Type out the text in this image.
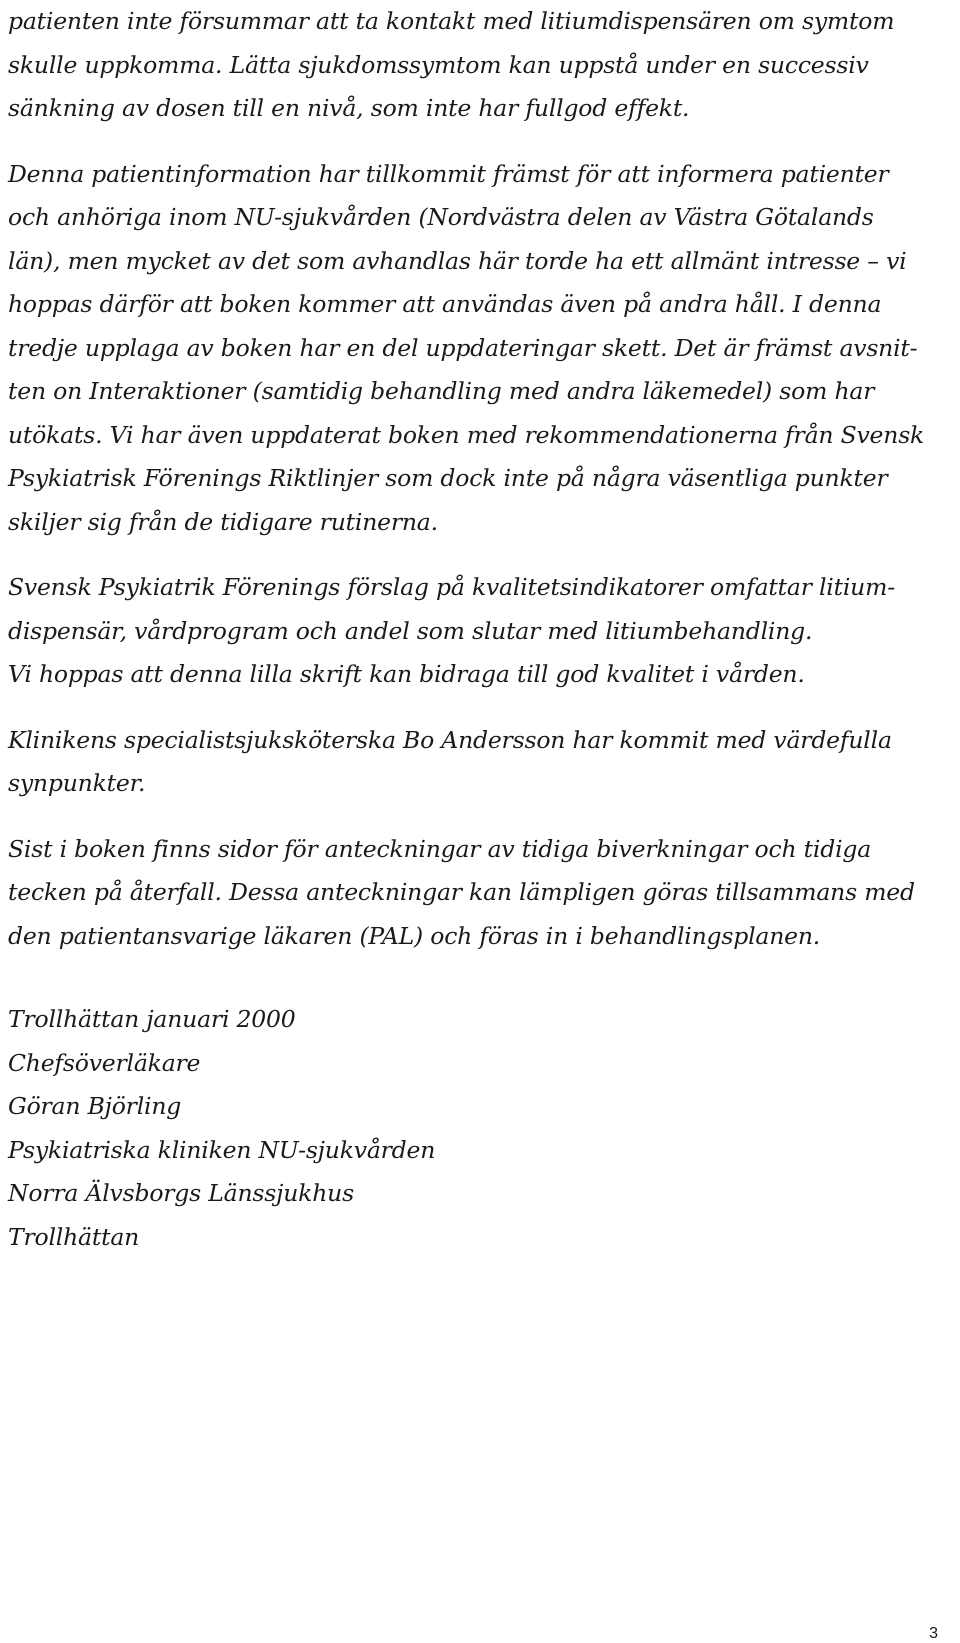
patienten inte försummar att ta kontakt med litiumdispensären om symtom
skulle uppkomma. Lätta sjukdomssymtom kan uppstå under en successiv
sänkning av dosen till en nivå, som inte har fullgod effekt.
Denna patientinformation har tillkommit främst för att informera patienter
och anhöriga inom NU-sjukvården (Nordvästra delen av Västra Götalands
län), men mycket av det som avhandlas här torde ha ett allmänt intresse – vi
hoppas därför att boken kommer att användas även på andra håll. I denna
tredje upplaga av boken har en del uppdateringar skett. Det är främst avsnit-
ten on Interaktioner (samtidig behandling med andra läkemedel) som har
utökats. Vi har även uppdaterat boken med rekommendationerna från Svensk
Psykiatrisk Förenings Riktlinjer som dock inte på några väsentliga punkter
skiljer sig från de tidigare rutinerna.
Svensk Psykiatrik Förenings förslag på kvalitetsindikatorer omfattar litium-
dispensär, vårdprogram och andel som slutar med litiumbehandling.
Vi hoppas att denna lilla skrift kan bidraga till god kvalitet i vården.
Klinikens specialistsjuksköterska Bo Andersson har kommit med värdefulla
synpunkter.
Sist i boken finns sidor för anteckningar av tidiga biverkningar och tidiga
tecken på återfall. Dessa anteckningar kan lämpligen göras tillsammans med
den patientansvarige läkaren (PAL) och föras in i behandlingsplanen.
Trollhättan januari 2000
Chefsöverläkare
Göran Björling
Psykiatriska kliniken NU-sjukvården
Norra Älvsborgs Länssjukhus
Trollhättan
3
